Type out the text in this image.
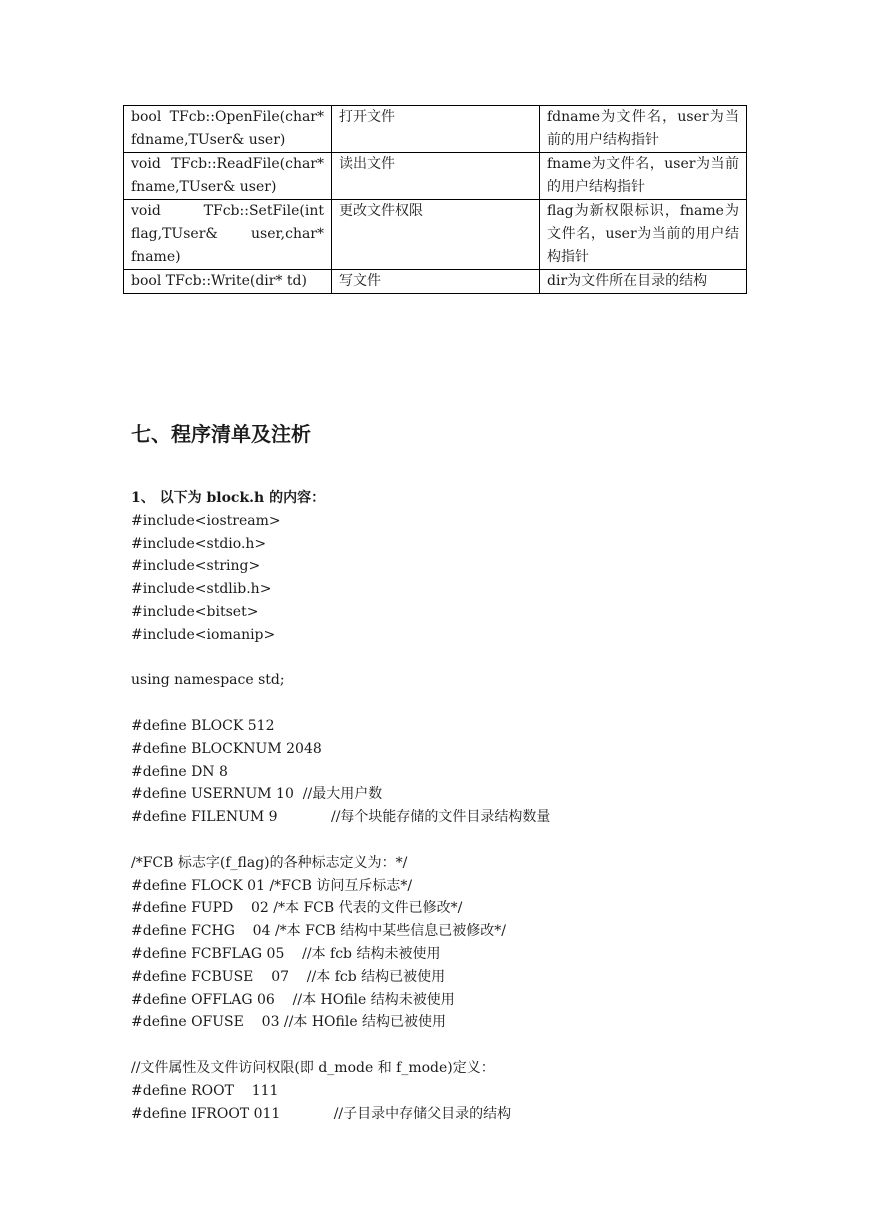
bool TFcb::OpenFile(char* fdname,TUser& user)	打开文件	fdname为文件名，user为当前的用户结构指针
void TFcb::ReadFile(char* fname,TUser& user)	读出文件	fname为文件名，user为当前的用户结构指针
void TFcb::SetFile(int flag,TUser& user,char* fname)	更改文件权限	flag为新权限标识，fname为文件名，user为当前的用户结构指针
bool TFcb::Write(dir* td)	写文件	dir为文件所在目录的结构
七、程序清单及注析
1、 以下为 block.h 的内容：
#include<iostream>
#include<stdio.h>
#include<string>
#include<stdlib.h>
#include<bitset>
#include<iomanip>
using namespace std;
#define BLOCK 512
#define BLOCKNUM 2048
#define DN 8
#define USERNUM 10  //最大用户数
#define FILENUM 9            //每个块能存储的文件目录结构数量
/*FCB 标志字(f_flag)的各种标志定义为：*/
#define FLOCK 01 /*FCB 访问互斥标志*/
#define FUPD    02 /*本 FCB 代表的文件已修改*/
#define FCHG    04 /*本 FCB 结构中某些信息已被修改*/
#define FCBFLAG 05    //本 fcb 结构未被使用
#define FCBUSE    07    //本 fcb 结构已被使用
#define OFFLAG 06    //本 HOfile 结构未被使用
#define OFUSE    03 //本 HOfile 结构已被使用
//文件属性及文件访问权限(即 d_mode 和 f_mode)定义：
#define ROOT    111
#define IFROOT 011            //子目录中存储父目录的结构
